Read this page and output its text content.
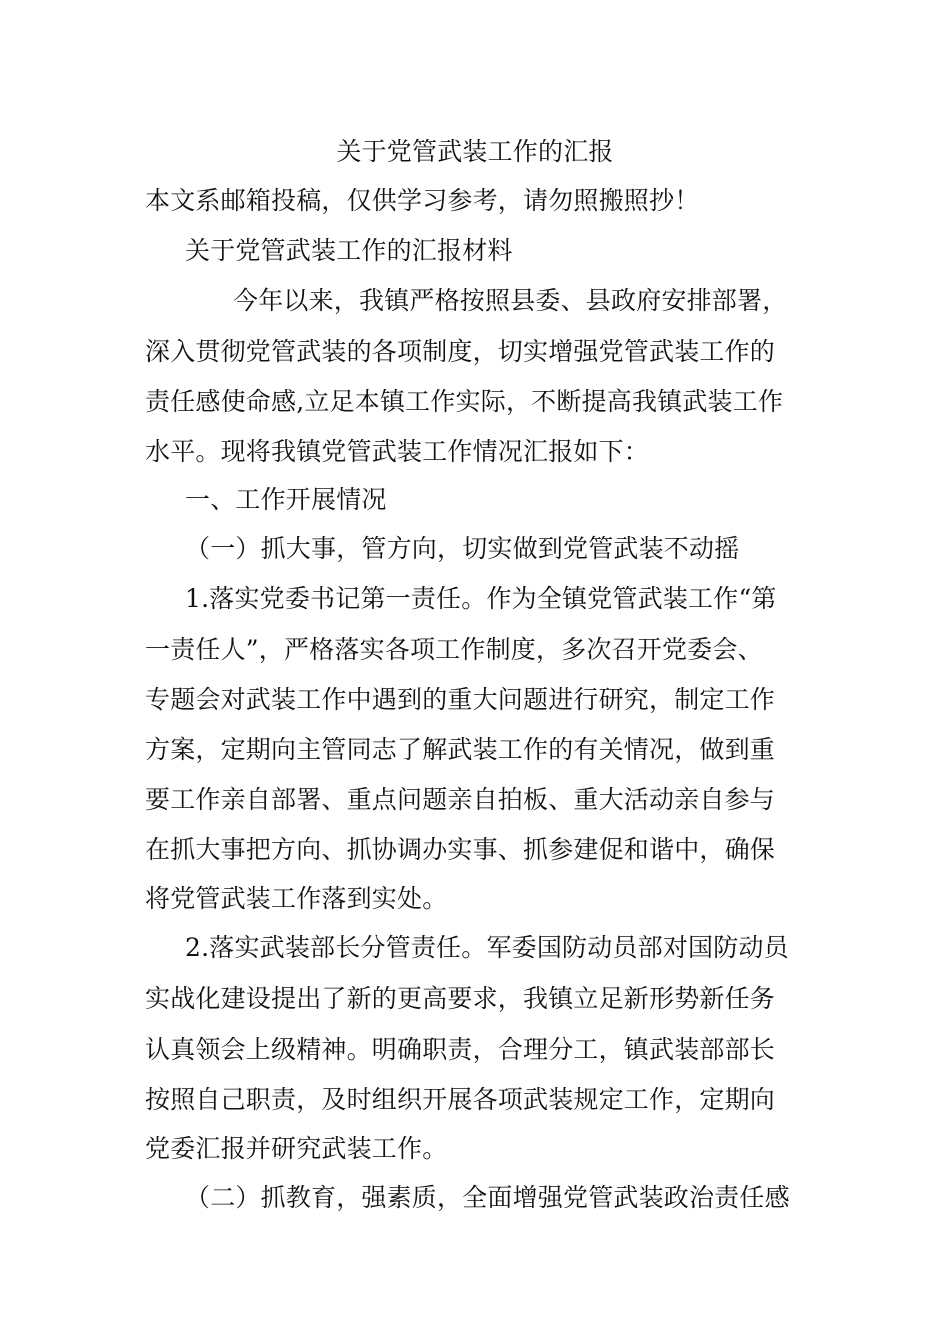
关于党管武装工作的汇报
本文系邮箱投稿，仅供学习参考，请勿照搬照抄！
关于党管武装工作的汇报材料
今年以来，我镇严格按照县委、县政府安排部署，
深入贯彻党管武装的各项制度，切实增强党管武装工作的
责任感使命感,立足本镇工作实际，不断提高我镇武装工作
水平。现将我镇党管武装工作情况汇报如下：
一、工作开展情况
（一）抓大事，管方向，切实做到党管武装不动摇
1.落实党委书记第一责任。作为全镇党管武装工作“第
一责任人”，严格落实各项工作制度，多次召开党委会、
专题会对武装工作中遇到的重大问题进行研究，制定工作
方案，定期向主管同志了解武装工作的有关情况，做到重
要工作亲自部署、重点问题亲自拍板、重大活动亲自参与
在抓大事把方向、抓协调办实事、抓参建促和谐中，确保
将党管武装工作落到实处。
2.落实武装部长分管责任。军委国防动员部对国防动员
实战化建设提出了新的更高要求，我镇立足新形势新任务
认真领会上级精神。明确职责，合理分工，镇武装部部长
按照自己职责，及时组织开展各项武装规定工作，定期向
党委汇报并研究武装工作。
（二）抓教育，强素质，全面增强党管武装政治责任感
